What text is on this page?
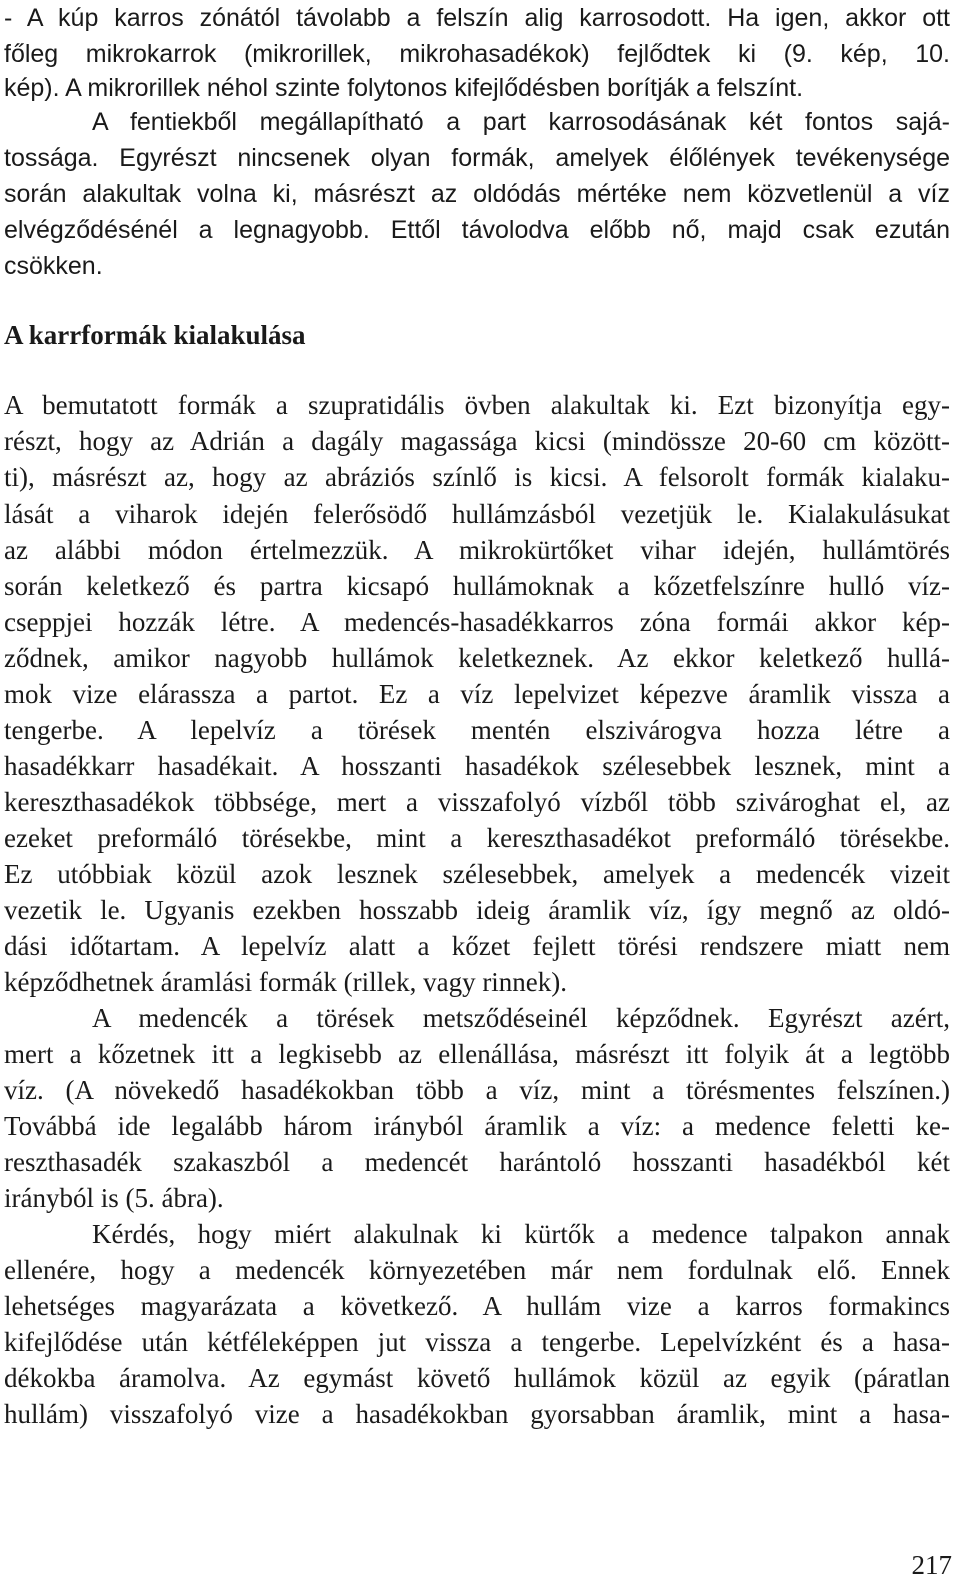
- A kúp karros zónától távolabb a felszín alig karrosodott. Ha igen, akkor ott
főleg mikrokarrok (mikrorillek, mikrohasadékok) fejlődtek ki (9. kép, 10.
kép). A mikrorillek néhol szinte folytonos kifejlődésben borítják a felszínt.
A fentiekből megállapítható a part karrosodásának két fontos sajá-
tossága. Egyrészt nincsenek olyan formák, amelyek élőlények tevékenysége
során alakultak volna ki, másrészt az oldódás mértéke nem közvetlenül a víz
elvégződésénél a legnagyobb. Ettől távolodva előbb nő, majd csak ezután
csökken.
A karrformák kialakulása
A bemutatott formák a szupratidális övben alakultak ki. Ezt bizonyítja egy-
részt, hogy az Adrián a dagály magassága kicsi (mindössze 20-60 cm között-
ti), másrészt az, hogy az abráziós színlő is kicsi. A felsorolt formák kialaku-
lását a viharok idején felerősödő hullámzásból vezetjük le. Kialakulásukat
az alábbi módon értelmezzük. A mikrokürtőket vihar idején, hullámtörés
során keletkező és partra kicsapó hullámoknak a kőzetfelszínre hulló víz-
cseppjei hozzák létre. A medencés-hasadékkarros zóna formái akkor kép-
ződnek, amikor nagyobb hullámok keletkeznek. Az ekkor keletkező hullá-
mok vize elárassza a partot. Ez a víz lepelvizet képezve áramlik vissza a
tengerbe. A lepelvíz a törések mentén elszivárogva hozza létre a
hasadékkarr hasadékait. A hosszanti hasadékok szélesebbek lesznek, mint a
kereszthasadékok többsége, mert a visszafolyó vízből több szivároghat el, az
ezeket preformáló törésekbe, mint a kereszthasadékot preformáló törésekbe.
Ez utóbbiak közül azok lesznek szélesebbek, amelyek a medencék vizeit
vezetik le. Ugyanis ezekben hosszabb ideig áramlik víz, így megnő az oldó-
dási időtartam. A lepelvíz alatt a kőzet fejlett törési rendszere miatt nem
képződhetnek áramlási formák (rillek, vagy rinnek).
A medencék a törések metsződéseinél képződnek. Egyrészt azért,
mert a kőzetnek itt a legkisebb az ellenállása, másrészt itt folyik át a legtöbb
víz. (A növekedő hasadékokban több a víz, mint a törésmentes felszínen.)
Továbbá ide legalább három irányból áramlik a víz: a medence feletti ke-
reszthasadék szakaszból a medencét harántoló hosszanti hasadékból két
irányból is (5. ábra).
Kérdés, hogy miért alakulnak ki kürtők a medence talpakon annak
ellenére, hogy a medencék környezetében már nem fordulnak elő. Ennek
lehetséges magyarázata a következő. A hullám vize a karros formakincs
kifejlődése után kétféleképpen jut vissza a tengerbe. Lepelvízként és a hasa-
dékokba áramolva. Az egymást követő hullámok közül az egyik (páratlan
hullám) visszafolyó vize a hasadékokban gyorsabban áramlik, mint a hasa-
217
